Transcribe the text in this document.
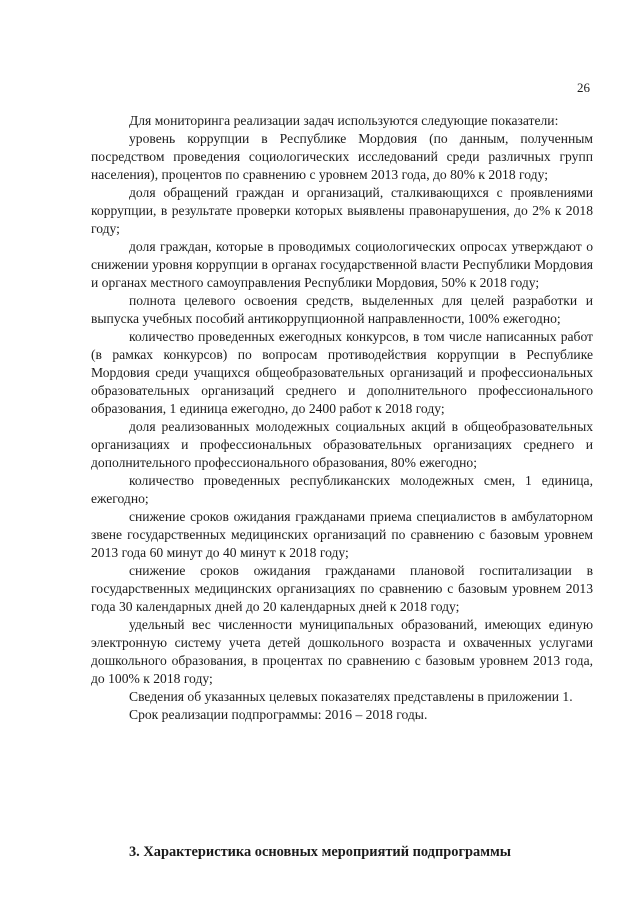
26

Для мониторинга реализации задач используются следующие показатели:

уровень коррупции в Республике Мордовия (по данным, полученным посредством проведения социологических исследований среди различных групп населения), процентов по сравнению с уровнем 2013 года, до 80% к 2018 году;

доля обращений граждан и организаций, сталкивающихся с проявлениями коррупции, в результате проверки которых выявлены правонарушения, до 2% к 2018 году;

доля граждан, которые в проводимых социологических опросах утверждают о снижении уровня коррупции в органах государственной власти Республики Мордовия и органах местного самоуправления Республики Мордовия, 50% к 2018 году;

полнота целевого освоения средств, выделенных для целей разработки и выпуска учебных пособий антикоррупционной направленности, 100% ежегодно;

количество проведенных ежегодных конкурсов, в том числе написанных работ (в рамках конкурсов) по вопросам противодействия коррупции в Республике Мордовия среди учащихся общеобразовательных организаций и профессиональных образовательных организаций среднего и дополнительного профессионального образования, 1 единица ежегодно, до 2400 работ к 2018 году;

доля реализованных молодежных социальных акций в общеобразовательных организациях и профессиональных образовательных организациях среднего и дополнительного профессионального образования, 80% ежегодно;

количество проведенных республиканских молодежных смен, 1 единица, ежегодно;

снижение сроков ожидания гражданами приема специалистов в амбулаторном звене государственных медицинских организаций по сравнению с базовым уровнем 2013 года 60 минут до 40 минут к 2018 году;

снижение сроков ожидания гражданами плановой госпитализации в государственных медицинских организациях по сравнению с базовым уровнем 2013 года 30 календарных дней до 20 календарных дней к 2018 году;

удельный вес численности муниципальных образований, имеющих единую электронную систему учета детей дошкольного возраста и охваченных услугами дошкольного образования, в процентах по сравнению с базовым уровнем 2013 года, до 100% к 2018 году;

Сведения об указанных целевых показателях представлены в приложении 1.

Срок реализации подпрограммы: 2016 – 2018 годы.

3. Характеристика основных мероприятий подпрограммы
